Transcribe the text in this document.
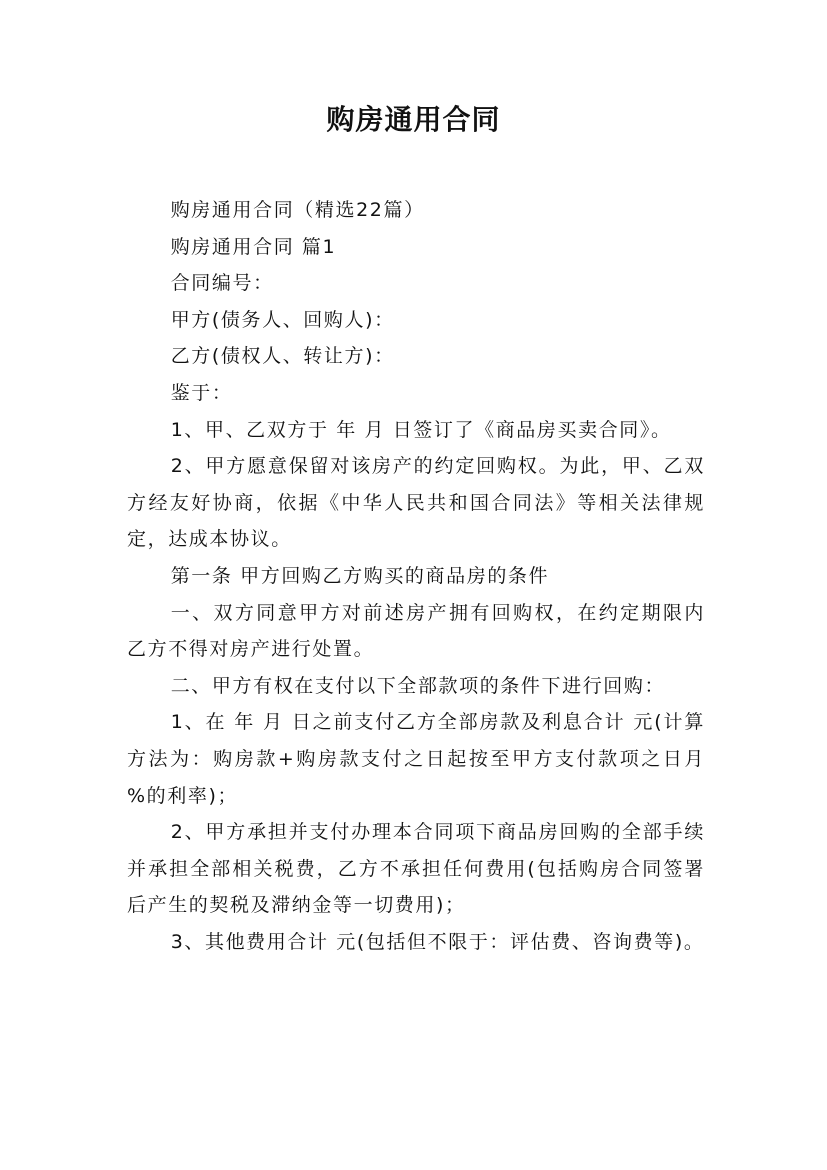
购房通用合同

购房通用合同（精选22篇）

购房通用合同 篇1

合同编号：

甲方(债务人、回购人)：

乙方(债权人、转让方)：

鉴于：

1、甲、乙双方于 年 月 日签订了《商品房买卖合同》。

2、甲方愿意保留对该房产的约定回购权。为此，甲、乙双方经友好协商，依据《中华人民共和国合同法》等相关法律规定，达成本协议。

第一条 甲方回购乙方购买的商品房的条件

一、双方同意甲方对前述房产拥有回购权，在约定期限内乙方不得对房产进行处置。

二、甲方有权在支付以下全部款项的条件下进行回购：

1、在 年 月 日之前支付乙方全部房款及利息合计 元(计算方法为：购房款+购房款支付之日起按至甲方支付款项之日月 %的利率)；

2、甲方承担并支付办理本合同项下商品房回购的全部手续并承担全部相关税费，乙方不承担任何费用(包括购房合同签署后产生的契税及滞纳金等一切费用)；

3、其他费用合计 元(包括但不限于：评估费、咨询费等)。
